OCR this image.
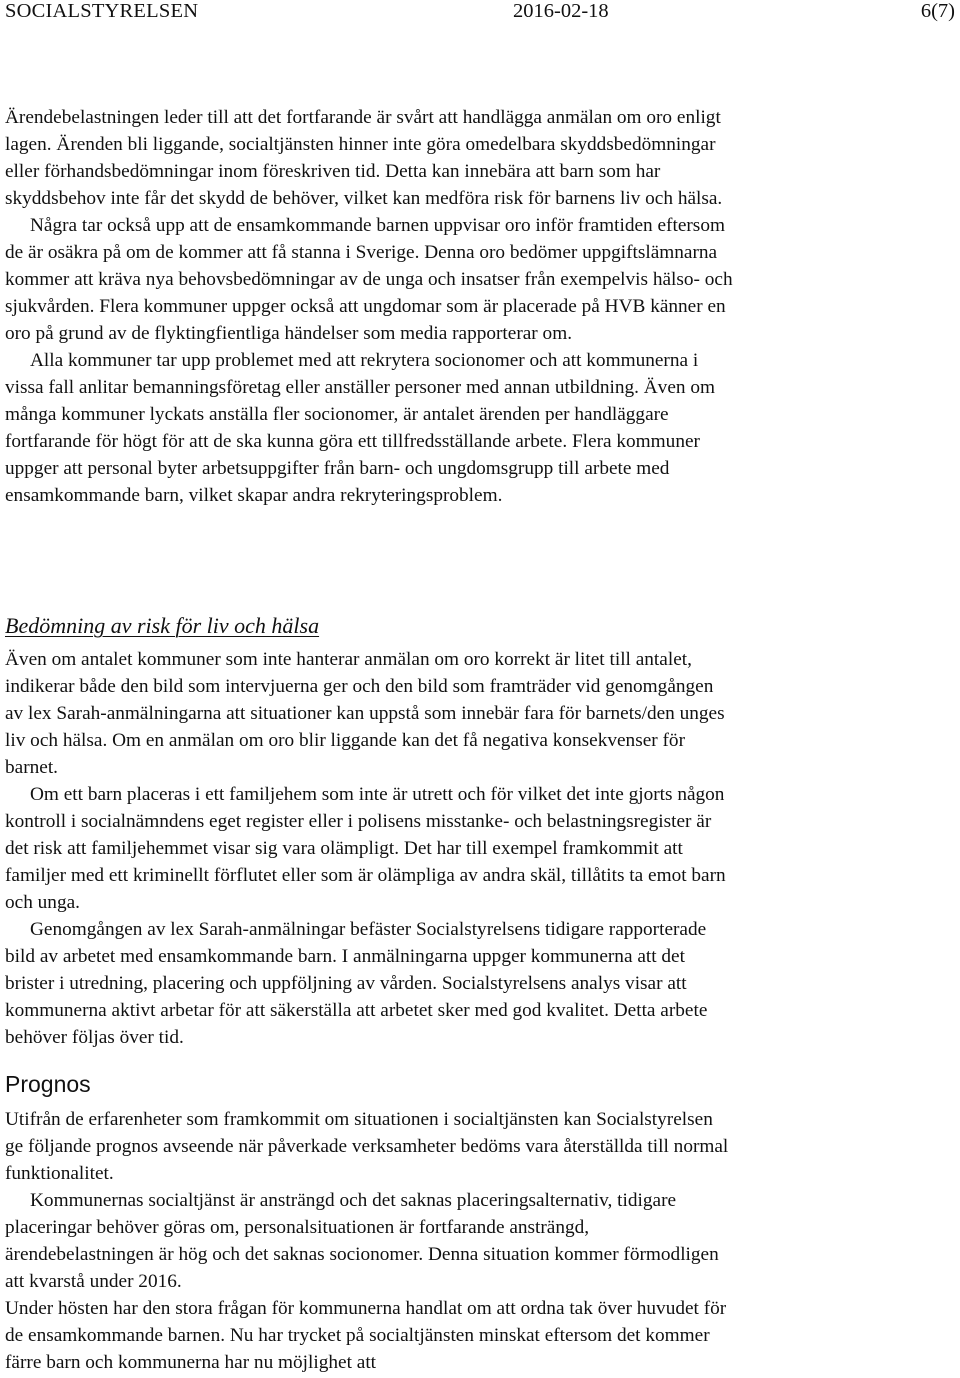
SOCIALSTYRELSEN	2016-02-18	6(7)

Ärendebelastningen leder till att det fortfarande är svårt att handlägga anmälan om oro enligt lagen. Ärenden bli liggande, socialtjänsten hinner inte göra omedelbara skyddsbedömningar eller förhandsbedömningar inom föreskriven tid. Detta kan innebära att barn som har skyddsbehov inte får det skydd de behöver, vilket kan medföra risk för barnens liv och hälsa.

Några tar också upp att de ensamkommande barnen uppvisar oro inför framtiden eftersom de är osäkra på om de kommer att få stanna i Sverige. Denna oro bedömer uppgiftslämnarna kommer att kräva nya behovsbedömningar av de unga och insatser från exempelvis hälso- och sjukvården. Flera kommuner uppger också att ungdomar som är placerade på HVB känner en oro på grund av de flyktingfientliga händelser som media rapporterar om.

Alla kommuner tar upp problemet med att rekrytera socionomer och att kommunerna i vissa fall anlitar bemanningsföretag eller anställer personer med annan utbildning. Även om många kommuner lyckats anställa fler socionomer, är antalet ärenden per handläggare fortfarande för högt för att de ska kunna göra ett tillfredsställande arbete. Flera kommuner uppger att personal byter arbetsuppgifter från barn- och ungdomsgrupp till arbete med ensamkommande barn, vilket skapar andra rekryteringsproblem.

Bedömning av risk för liv och hälsa

Även om antalet kommuner som inte hanterar anmälan om oro korrekt är litet till antalet, indikerar både den bild som intervjuerna ger och den bild som framträder vid genomgången av lex Sarah-anmälningarna att situationer kan uppstå som innebär fara för barnets/den unges liv och hälsa. Om en anmälan om oro blir liggande kan det få negativa konsekvenser för barnet.

Om ett barn placeras i ett familjehem som inte är utrett och för vilket det inte gjorts någon kontroll i socialnämndens eget register eller i polisens misstanke- och belastningsregister är det risk att familjehemmet visar sig vara olämpligt. Det har till exempel framkommit att familjer med ett kriminellt förflutet eller som är olämpliga av andra skäl, tillåtits ta emot barn och unga.

Genomgången av lex Sarah-anmälningar befäster Socialstyrelsens tidigare rapporterade bild av arbetet med ensamkommande barn. I anmälningarna uppger kommunerna att det brister i utredning, placering och uppföljning av vården. Socialstyrelsens analys visar att kommunerna aktivt arbetar för att säkerställa att arbetet sker med god kvalitet. Detta arbete behöver följas över tid.

Prognos

Utifrån de erfarenheter som framkommit om situationen i socialtjänsten kan Socialstyrelsen ge följande prognos avseende när påverkade verksamheter bedöms vara återställda till normal funktionalitet.

Kommunernas socialtjänst är ansträngd och det saknas placeringsalternativ, tidigare placeringar behöver göras om, personalsituationen är fortfarande ansträngd, ärendebelastningen är hög och det saknas socionomer. Denna situation kommer förmodligen att kvarstå under 2016.

Under hösten har den stora frågan för kommunerna handlat om att ordna tak över huvudet för de ensamkommande barnen. Nu har trycket på socialtjänsten minskat eftersom det kommer färre barn och kommunerna har nu möjlighet att
